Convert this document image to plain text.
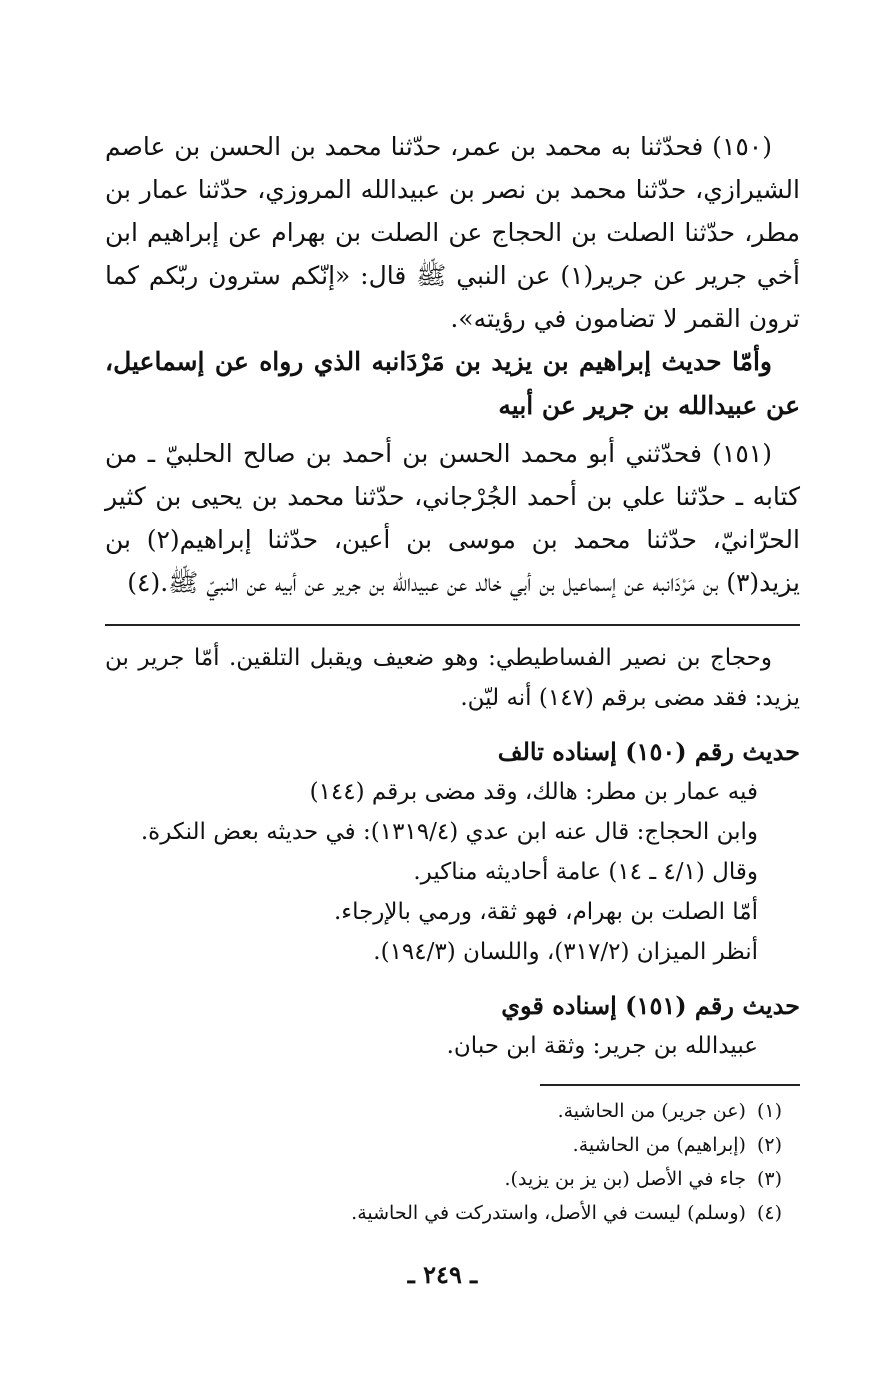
(١٥٠) فحدّثنا به محمد بن عمر، حدّثنا محمد بن الحسن بن عاصم الشيرازي، حدّثنا محمد بن نصر بن عبيدالله المروزي، حدّثنا عمار بن مطر، حدّثنا الصلت بن الحجاج عن الصلت بن بهرام عن إبراهيم ابن أخي جرير عن جرير(١) عن النبي ﷺ قال: «إنّكم سترون ربّكم كما ترون القمر لا تضامون في رؤيته».

وأمّا حديث إبراهيم بن يزيد بن مَرْدَانبه الذي رواه عن إسماعيل، عن عبيدالله بن جرير عن أبيه

(١٥١) فحدّثني أبو محمد الحسن بن أحمد بن صالح الحلبيّ ـ من كتابه ـ حدّثنا علي بن أحمد الجُرْجاني، حدّثنا محمد بن يحيى بن كثير الحرّانيّ، حدّثنا محمد بن موسى بن أعين، حدّثنا إبراهيم(٢) بن يزيد(٣) بن مَرْدَانبه عن إسماعيل بن أبي خالد عن عبيدالله بن جرير عن أبيه عن النبيّ ﷺ.(٤)

وحجاج بن نصير الفساطيطي: وهو ضعيف ويقبل التلقين. أمّا جرير بن يزيد: فقد مضى برقم (١٤٧) أنه ليّن.

حديث رقم (١٥٠) إسناده تالف
فيه عمار بن مطر: هالك، وقد مضى برقم (١٤٤)
وابن الحجاج: قال عنه ابن عدي (١٣١٩/٤): في حديثه بعض النكرة.
وقال (٤/١ ـ ١٤) عامة أحاديثه مناكير.
أمّا الصلت بن بهرام، فهو ثقة، ورمي بالإرجاء.
أنظر الميزان (٣١٧/٢)، واللسان (١٩٤/٣).
حديث رقم (١٥١) إسناده قوي
عبيدالله بن جرير: وثقة ابن حبان.
(١) (عن جرير) من الحاشية.
(٢) (إبراهيم) من الحاشية.
(٣) جاء في الأصل (بن يز بن يزيد).
(٤) (وسلم) ليست في الأصل، واستدركت في الحاشية.
ـ ٢٤٩ ـ
